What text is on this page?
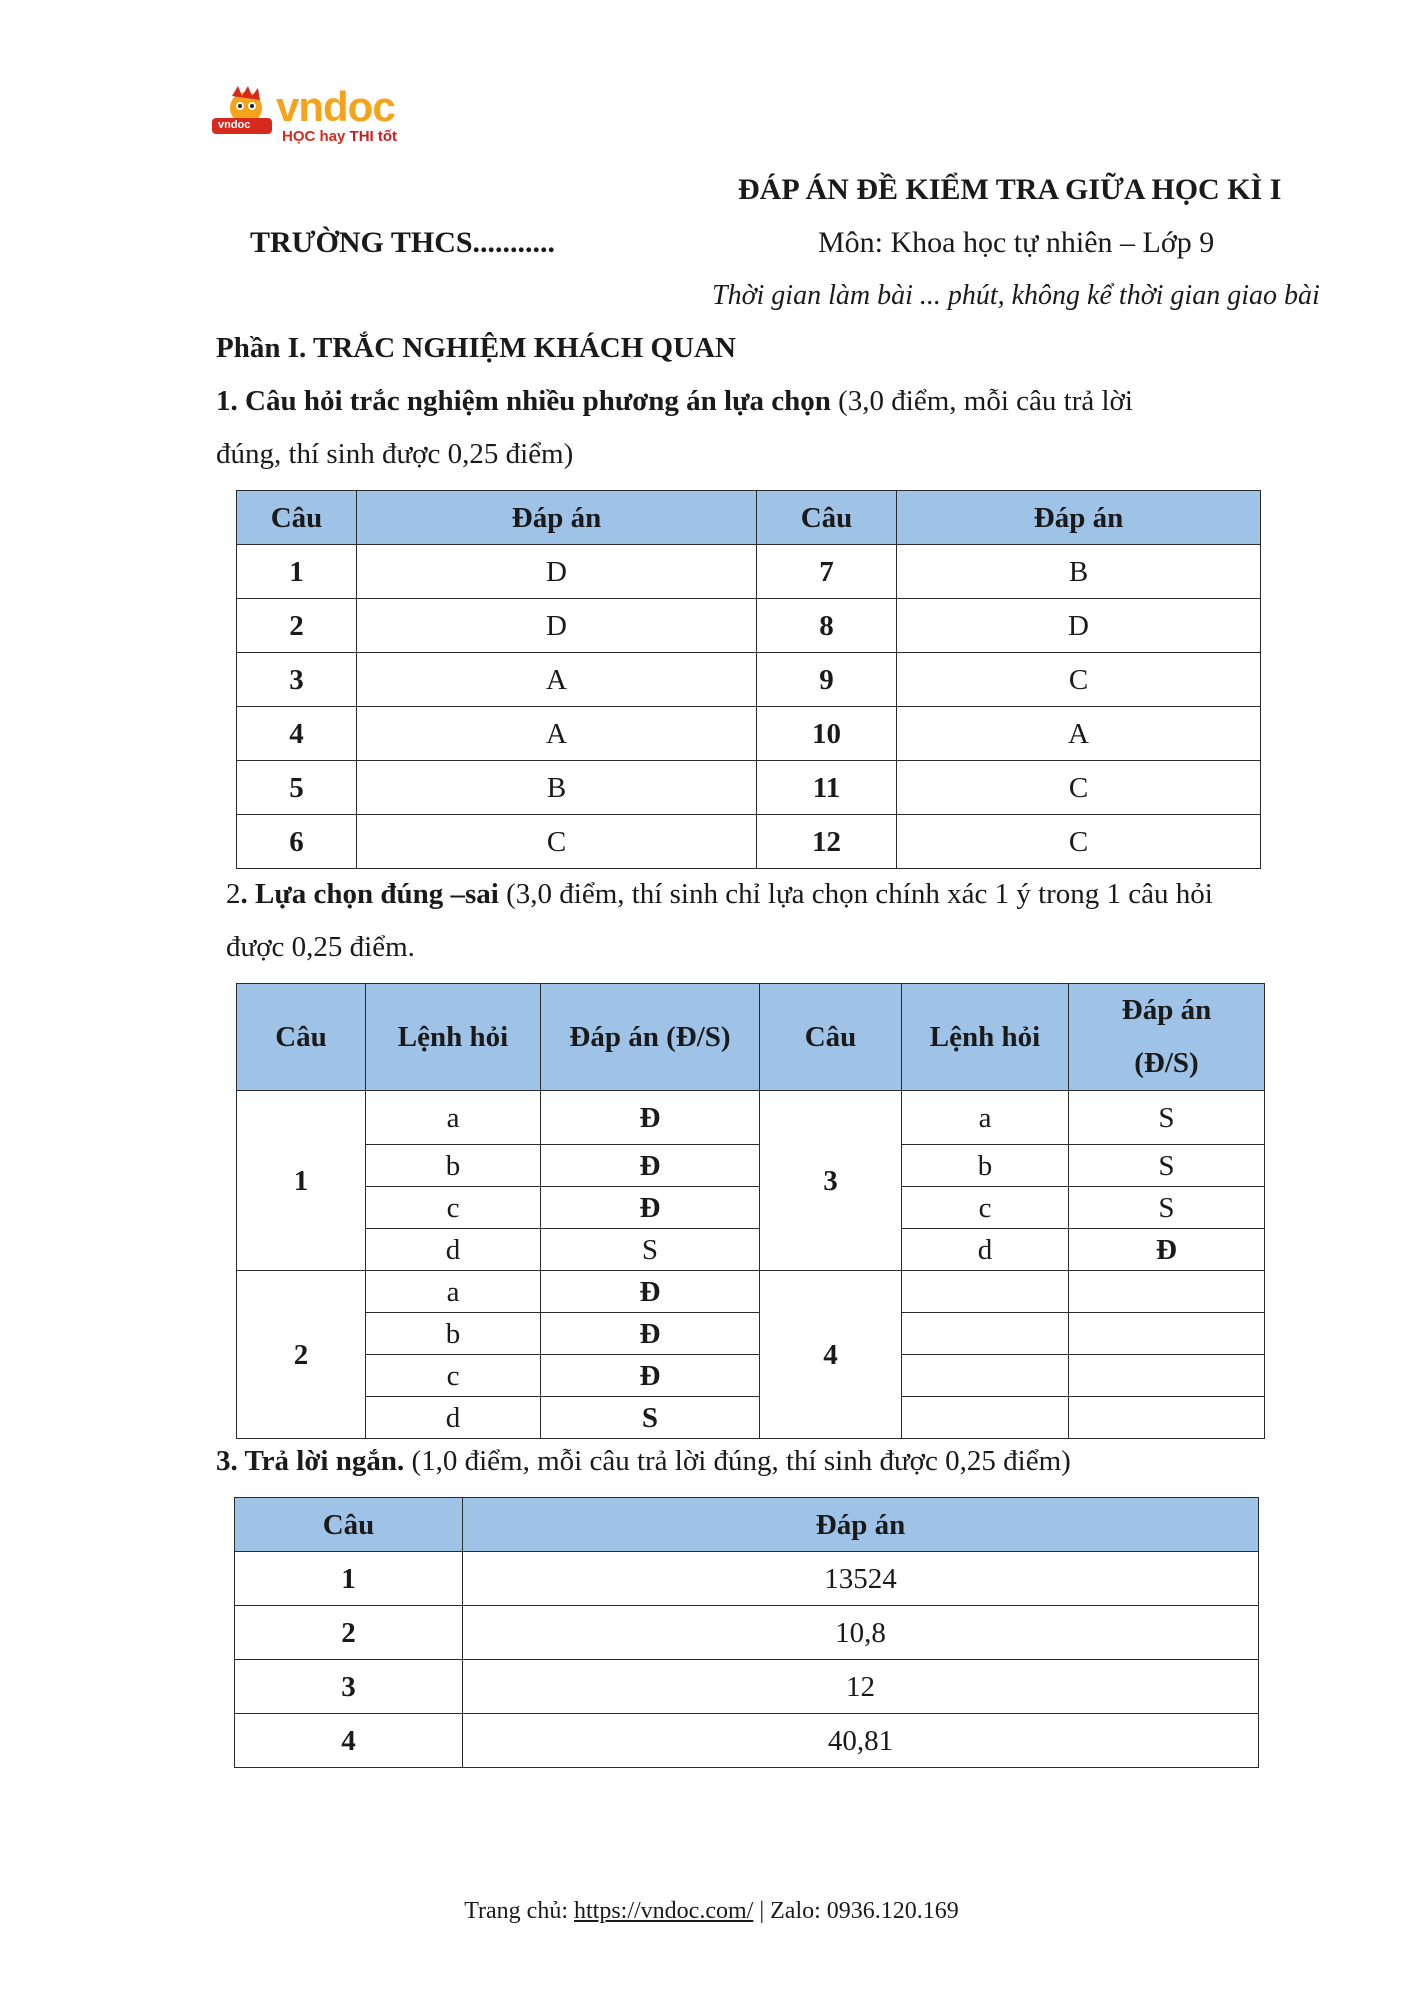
vndoc vndoc
HỌC hay THI tốt
ĐÁP ÁN ĐỀ KIỂM TRA GIỮA HỌC KÌ I
TRƯỜNG THCS...........	Môn: Khoa học tự nhiên – Lớp 9
Thời gian làm bài ... phút, không kể thời gian giao bài
Phần I. TRẮC NGHIỆM KHÁCH QUAN
1. Câu hỏi trắc nghiệm nhiều phương án lựa chọn (3,0 điểm, mỗi câu trả lời
đúng, thí sinh được 0,25 điểm)
Câu	Đáp án	Câu	Đáp án
1	D	7	B
2	D	8	D
3	A	9	C
4	A	10	A
5	B	11	C
6	C	12	C
2. Lựa chọn đúng –sai (3,0 điểm, thí sinh chỉ lựa chọn chính xác 1 ý trong 1 câu hỏi
được 0,25 điểm.
Câu	Lệnh hỏi	Đáp án (Đ/S)	Câu	Lệnh hỏi	Đáp án
(Đ/S)
1	a	Đ	3	a	S
	b	Đ		b	S
	c	Đ		c	S
	d	S		d	Đ
2	a	Đ	4		
	b	Đ			
	c	Đ			
	d	S			
3. Trả lời ngắn. (1,0 điểm, mỗi câu trả lời đúng, thí sinh được 0,25 điểm)
Câu	Đáp án
1	13524
2	10,8
3	12
4	40,81
Trang chủ: https://vndoc.com/ | Zalo: 0936.120.169
